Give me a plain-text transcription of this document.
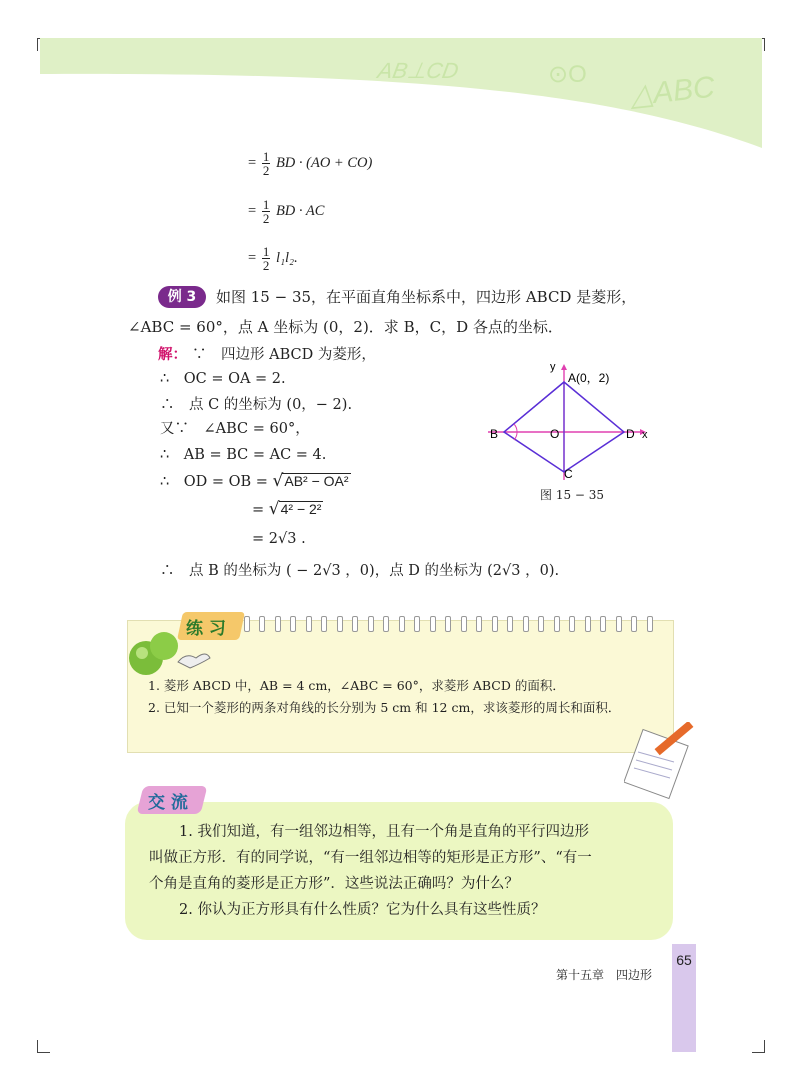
AB⊥CD	⊙O △ABC
= $\frac{1}{2}$ BD · (AO + CO)
= $\frac{1}{2}$ BD · AC
= $\frac{1}{2} l_1l_2$.
例 3	如图 15 − 35，在平面直角坐标系中，四边形 ABCD 是菱形，
∠ABC = 60°，点 A 坐标为 (0，2)．求 B，C，D 各点的坐标．
解： ∵　四边形 ABCD 为菱形，
∴　OC = OA = 2.
∴　点 C 的坐标为 (0，− 2).
又∵　∠ABC = 60°，
∴　AB = BC = AC = 4.
∴　OD = OB = √AB² − OA²
= √4² − 2²
= 2√3 .
∴　点 B 的坐标为 ( − 2√3 ，0)，点 D 的坐标为 (2√3 ，0).
y
A(0，2)
B	O	D x
C
图 15 − 35
1. 菱形 ABCD 中，AB = 4 cm，∠ABC = 60°，求菱形 ABCD 的面积．
2. 已知一个菱形的两条对角线的长分别为 5 cm 和 12 cm，求该菱形的周长和面积．
练 习
1. 我们知道，有一组邻边相等，且有一个角是直角的平行四边形
叫做正方形．有的同学说，“有一组邻边相等的矩形是正方形”、“有一
个角是直角的菱形是正方形”．这些说法正确吗？为什么？
2. 你认为正方形具有什么性质？它为什么具有这些性质？
交 流
第十五章　四边形
65
